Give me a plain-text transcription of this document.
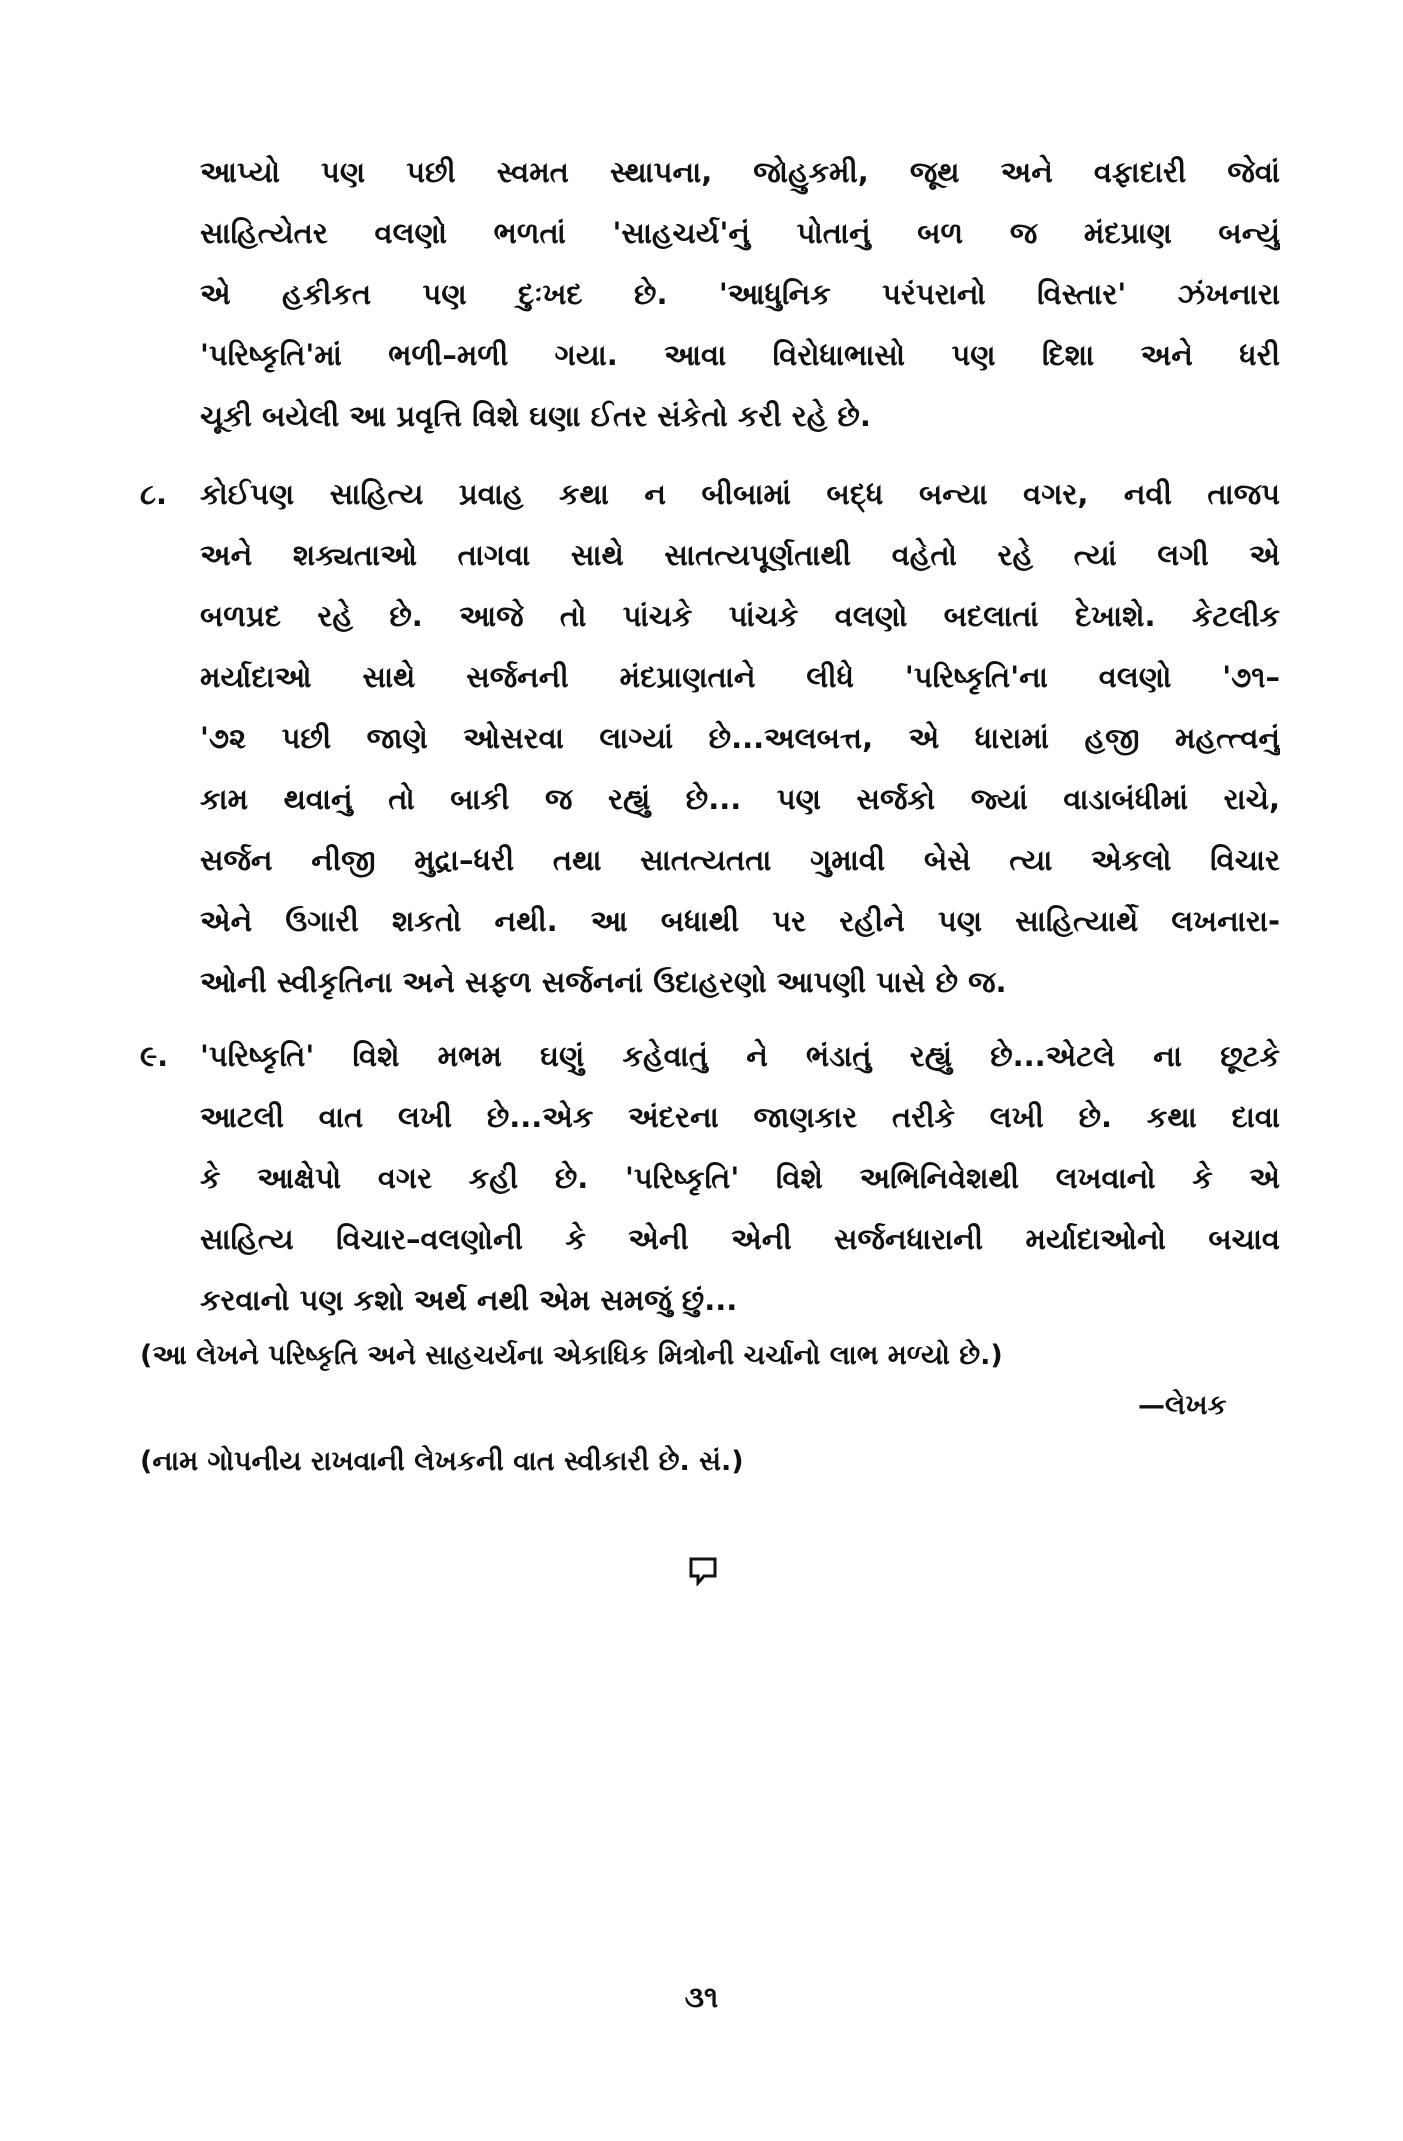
આપ્યો પણ પછી સ્વમત સ્થાપના, જોહુકમી, જૂથ અને વફાદારી જેવાં
સાહિત્યેતર વલણો ભળતાં 'સાહચર્ય'નું પોતાનું બળ જ મંદપ્રાણ બન્યું
એ હકીકત પણ દુઃખદ છે. 'આધુનિક પરંપરાનો વિસ્તાર' ઝંખનારા
'પરિષ્કૃતિ'માં ભળી–મળી ગયા. આવા વિરોધાભાસો પણ દિશા અને ધરી
ચૂકી બયેલી આ પ્રવૃત્તિ વિશે ઘણા ઈતર સંકેતો કરી રહે છે.
૮. કોઈપણ સાહિત્ય પ્રવાહ કથા ન બીબામાં બદ્ધ બન્યા વગર, નવી તાજપ
અને શક્યતાઓ તાગવા સાથે સાતત્યપૂર્ણતાથી વહેતો રહે ત્યાં લગી એ
બળપ્રદ રહે છે. આજે તો પાંચકે પાંચકે વલણો બદલાતાં દેખાશે. કેટલીક
મર્યાદાઓ સાથે સર્જનની મંદપ્રાણતાને લીધે 'પરિષ્કૃતિ'ના વલણો '૭૧–
'૭૨ પછી જાણે ઓસરવા લાગ્યાં છે...અલબત્ત, એ ધારામાં હજી મહત્ત્વનું
કામ થવાનું તો બાકી જ રહ્યું છે... પણ સર્જકો જ્યાં વાડાબંધીમાં રાચે,
સર્જન નીજી મુદ્રા–ધરી તથા સાતત્યતતા ગુમાવી બેસે ત્યા એકલો વિચાર
એને ઉગારી શકતો નથી. આ બધાથી પર રહીને પણ સાહિત્યાર્થે લખનારા-
ઓની સ્વીકૃતિના અને સફળ સર્જનનાં ઉદાહરણો આપણી પાસે છે જ.
૯. 'પરિષ્કૃતિ' વિશે મભમ ઘણું કહેવાતું ને ભંડાતું રહ્યું છે...એટલે ના છૂટકે
આટલી વાત લખી છે...એક અંદરના જાણકાર તરીકે લખી છે. કથા દાવા
કે આક્ષેપો વગર કહી છે. 'પરિષ્કૃતિ' વિશે અભિનિવેશથી લખવાનો કે એ
સાહિત્ય વિચાર–વલણોની કે એની એની સર્જનધારાની મર્યાદાઓનો બચાવ
કરવાનો પણ કશો અર્થ નથી એમ સમજું છું...
(આ લેખને પરિષ્કૃતિ અને સાહચર્યના એકાધિક મિત્રોની ચર્ચાનો લાભ મળ્યો છે.)
—લેખક
(નામ ગોપનીય રાખવાની લેખકની વાત સ્વીકારી છે. સં.)
૩૧
